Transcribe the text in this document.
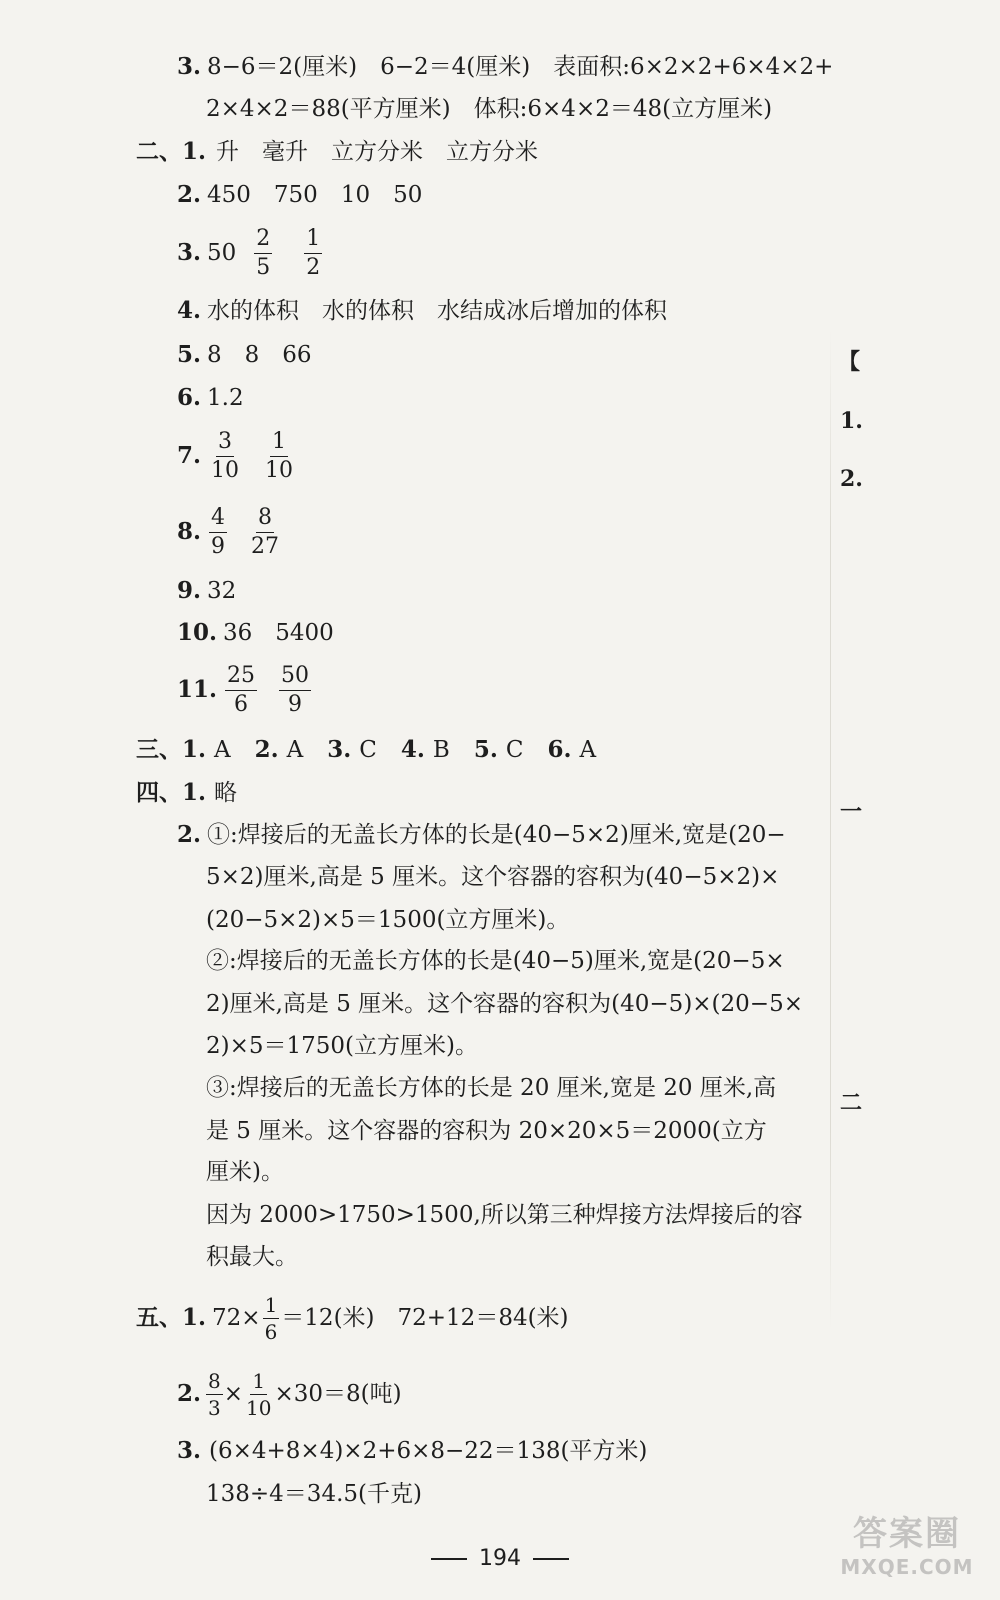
3. 8−6＝2(厘米)　6−2＝4(厘米)　表面积:6×2×2+6×4×2+
2×4×2＝88(平方厘米)　体积:6×4×2＝48(立方厘米)
二、 1. 升　毫升　立方分米　立方分米
2. 450　750　10　50
3. $50 \frac{2}{5} \frac{1}{2}$
4. 水的体积　水的体积　水结成冰后增加的体积
5. 8　8　66
6. 1.2
7. $\frac{3}{10} \frac{1}{10}$
8. $\frac{4}{9} \frac{8}{27}$
9. 32
10. 36　5400
11. $\frac{25}{6} \frac{50}{9}$
三、 1. A 2. A 3. C 4. B 5. C 6. A
四、 1. 略
2. ①:焊接后的无盖长方体的长是(40−5×2)厘米,宽是(20−
5×2)厘米,高是 5 厘米。这个容器的容积为(40−5×2)×
(20−5×2)×5＝1500(立方厘米)。
②:焊接后的无盖长方体的长是(40−5)厘米,宽是(20−5×
2)厘米,高是 5 厘米。这个容器的容积为(40−5)×(20−5×
2)×5＝1750(立方厘米)。
③:焊接后的无盖长方体的长是 20 厘米,宽是 20 厘米,高
是 5 厘米。这个容器的容积为 20×20×5＝2000(立方
厘米)。
因为 2000>1750>1500,所以第三种焊接方法焊接后的容
积最大。
五、 1. $72\times \frac{1}{6} =12$(米)　72+12＝84(米)
2. $\frac{8}{3} \times \frac{1}{10} \times 30=8$(吨)
3. (6×4+8×4)×2+6×8−22＝138(平方米)
138÷4＝34.5(千克)
【
1.
2.
一
二
194
答案圈
MXQE.COM
